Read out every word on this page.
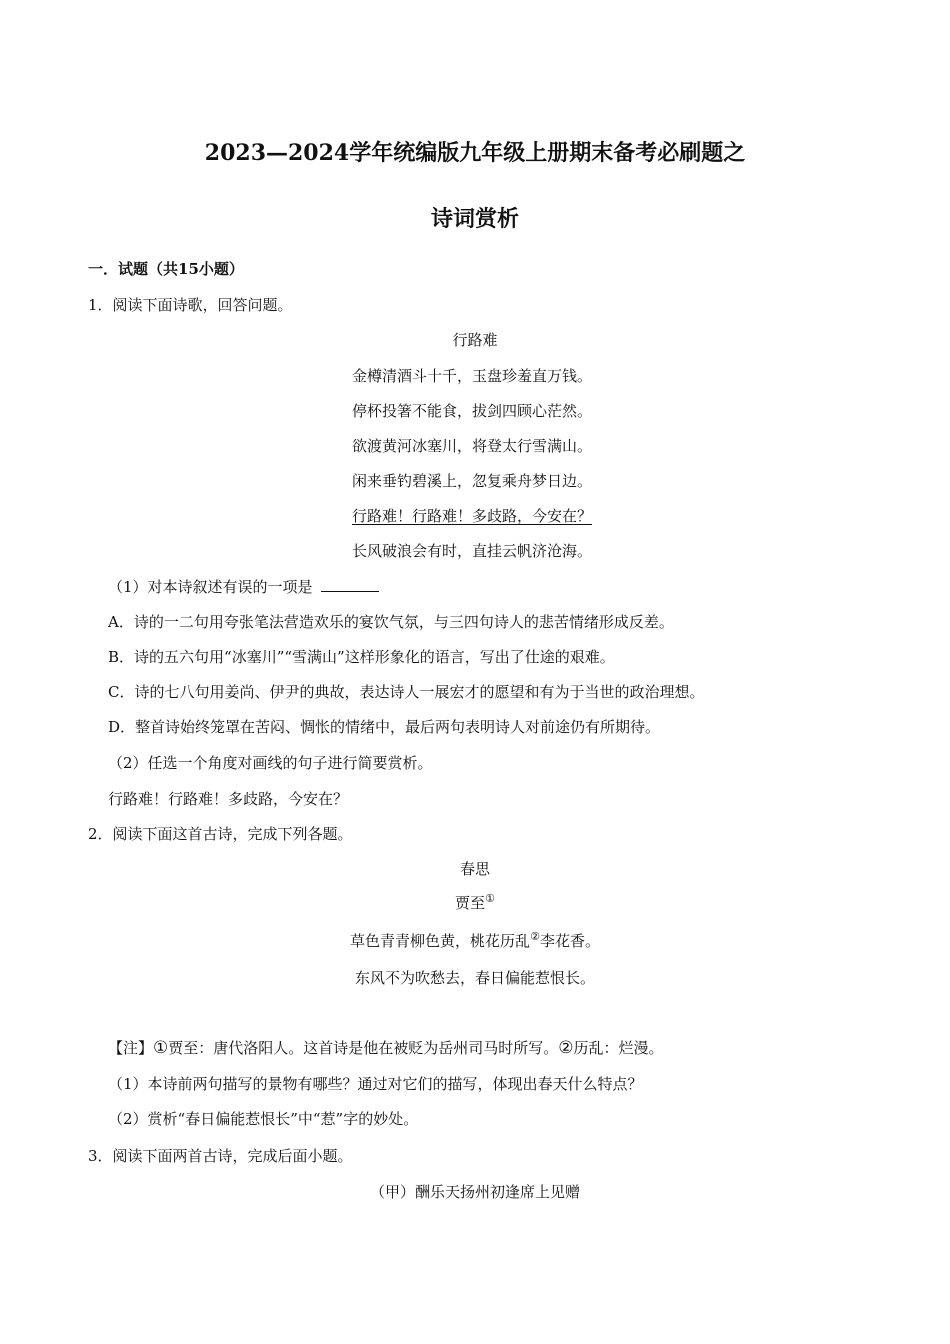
2023—2024学年统编版九年级上册期末备考必刷题之
诗词赏析
一．试题（共15小题）
1．阅读下面诗歌，回答问题。
行路难
金樽清酒斗十千，玉盘珍羞直万钱。
停杯投箸不能食，拔剑四顾心茫然。
欲渡黄河冰塞川，将登太行雪满山。
闲来垂钓碧溪上，忽复乘舟梦日边。
行路难！行路难！多歧路，今安在？
长风破浪会有时，直挂云帆济沧海。
（1）对本诗叙述有误的一项是
A．诗的一二句用夸张笔法营造欢乐的宴饮气氛，与三四句诗人的悲苦情绪形成反差。
B．诗的五六句用“冰塞川”“雪满山”这样形象化的语言，写出了仕途的艰难。
C．诗的七八句用姜尚、伊尹的典故，表达诗人一展宏才的愿望和有为于当世的政治理想。
D．整首诗始终笼罩在苦闷、惆怅的情绪中，最后两句表明诗人对前途仍有所期待。
（2）任选一个角度对画线的句子进行简要赏析。
行路难！行路难！多歧路，今安在？
2．阅读下面这首古诗，完成下列各题。
春思
贾至①
草色青青柳色黄，桃花历乱②李花香。
东风不为吹愁去，春日偏能惹恨长。
【注】①贾至：唐代洛阳人。这首诗是他在被贬为岳州司马时所写。②历乱：烂漫。
（1）本诗前两句描写的景物有哪些？通过对它们的描写，体现出春天什么特点？
（2）赏析“春日偏能惹恨长”中“惹”字的妙处。
3．阅读下面两首古诗，完成后面小题。
（甲）酬乐天扬州初逢席上见赠
